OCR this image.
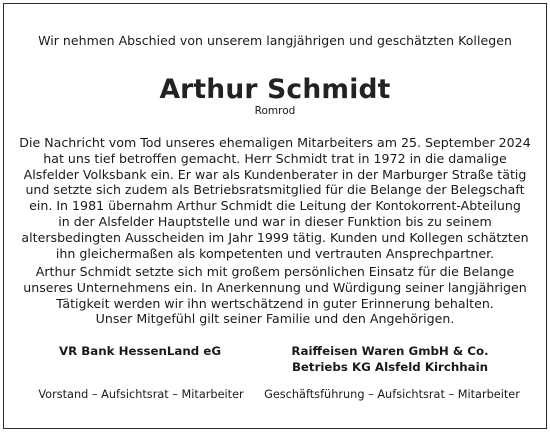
Wir nehmen Abschied von unserem langjährigen und geschätzten Kollegen
Arthur Schmidt
Romrod
Die Nachricht vom Tod unseres ehemaligen Mitarbeiters am 25. September 2024
hat uns tief betroffen gemacht. Herr Schmidt trat in 1972 in die damalige
Alsfelder Volksbank ein. Er war als Kundenberater in der Marburger Straße tätig
und setzte sich zudem als Betriebsratsmitglied für die Belange der Belegschaft
ein. In 1981 übernahm Arthur Schmidt die Leitung der Kontokorrent-Abteilung
in der Alsfelder Hauptstelle und war in dieser Funktion bis zu seinem
altersbedingten Ausscheiden im Jahr 1999 tätig. Kunden und Kollegen schätzten
ihn gleichermaßen als kompetenten und vertrauten Ansprechpartner.
Arthur Schmidt setzte sich mit großem persönlichen Einsatz für die Belange
unseres Unternehmens ein. In Anerkennung und Würdigung seiner langjährigen
Tätigkeit werden wir ihn wertschätzend in guter Erinnerung behalten.
Unser Mitgefühl gilt seiner Familie und den Angehörigen.
VR Bank HessenLand eG	Raiffeisen Waren GmbH & Co.
Betriebs KG Alsfeld Kirchhain
Vorstand – Aufsichtsrat – Mitarbeiter	Geschäftsführung – Aufsichtsrat – Mitarbeiter
